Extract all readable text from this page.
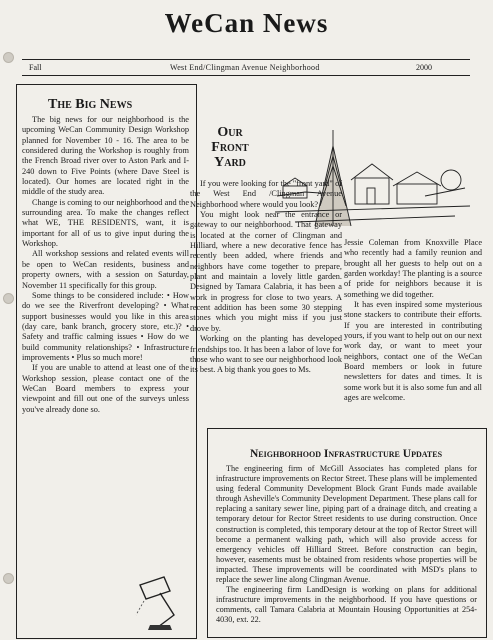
WeCan News
Fall	West End/Clingman Avenue Neighborhood	2000
The Big News

The big news for our neighborhood is the upcoming WeCan Community Design Workshop planned for November 10 - 16. The area to be considered during the Workshop is roughly from the French Broad river over to Aston Park and I-240 down to Five Points (where Dave Steel is located). Our homes are located right in the middle of the study area.

Change is coming to our neighborhood and the surrounding area. To make the changes reflect what WE, THE RESIDENTS, want, it is important for all of us to give input during the Workshop.

All workshop sessions and related events will be open to WeCan residents, business and property owners, with a session on Saturday, November 11 specifically for this group.

Some things to be considered include: • How do we see the Riverfront developing? • What support businesses would you like in this area (day care, bank branch, grocery store, etc.)? • Safety and traffic calming issues • How do we build community relationships? • Infrastructure improvements • Plus so much more!

If you are unable to attend at least one of the Workshop session, please contact one of the WeCan Board members to express your viewpoint and fill out one of the surveys unless you've already done so.

Our
Front
Yard

If you were looking for the "front yard" of the West End /Clingman Avenue Neighborhood where would you look?

You might look near the entrance or gateway to our neighborhood. That gateway is located at the corner of Clingman and Hilliard, where a new decorative fence has recently been added, where friends and neighbors have come together to prepare, plant and maintain a lovely little garden. Designed by Tamara Calabria, it has been a work in progress for close to two years. A recent addition has been some 30 stepping stones which you might miss if you just drove by.

Working on the planting has developed friendships too. It has been a labor of love for those who want to see our neighborhood look its best. A big thank you goes to Ms.

Jessie Coleman from Knoxville Place who recently had a family reunion and brought all her guests to help out on a garden workday! The planting is a source of pride for neighbors because it is something we did together.

It has even inspired some mysterious stone stackers to contribute their efforts. If you are interested in contributing yours, if you want to help out on our next work day, or want to meet your neighbors, contact one of the WeCan Board members or look in future newsletters for dates and times. It is some work but it is also some fun and all ages are welcome.

Neighborhood Infrastructure Updates

The engineering firm of McGill Associates has completed plans for infrastructure improvements on Rector Street. These plans will be implemented using federal Community Development Block Grant Funds made available through Asheville's Community Development Department. These plans call for replacing a sanitary sewer line, piping part of a drainage ditch, and creating a temporary detour for Rector Street residents to use during construction. Once construction is completed, this temporary detour at the top of Rector Street will become a permanent walking path, which will also provide access for emergency vehicles off Hilliard Street. Before construction can begin, however, easements must be obtained from residents whose properties will be impacted. These improvements will be coordinated with MSD's plans to replace the sewer line along Clingman Avenue.

The engineering firm LandDesign is working on plans for additional infrastructure improvements in the neighborhood. If you have questions or comments, call Tamara Calabria at Mountain Housing Opportunities at 254-4030, ext. 22.
